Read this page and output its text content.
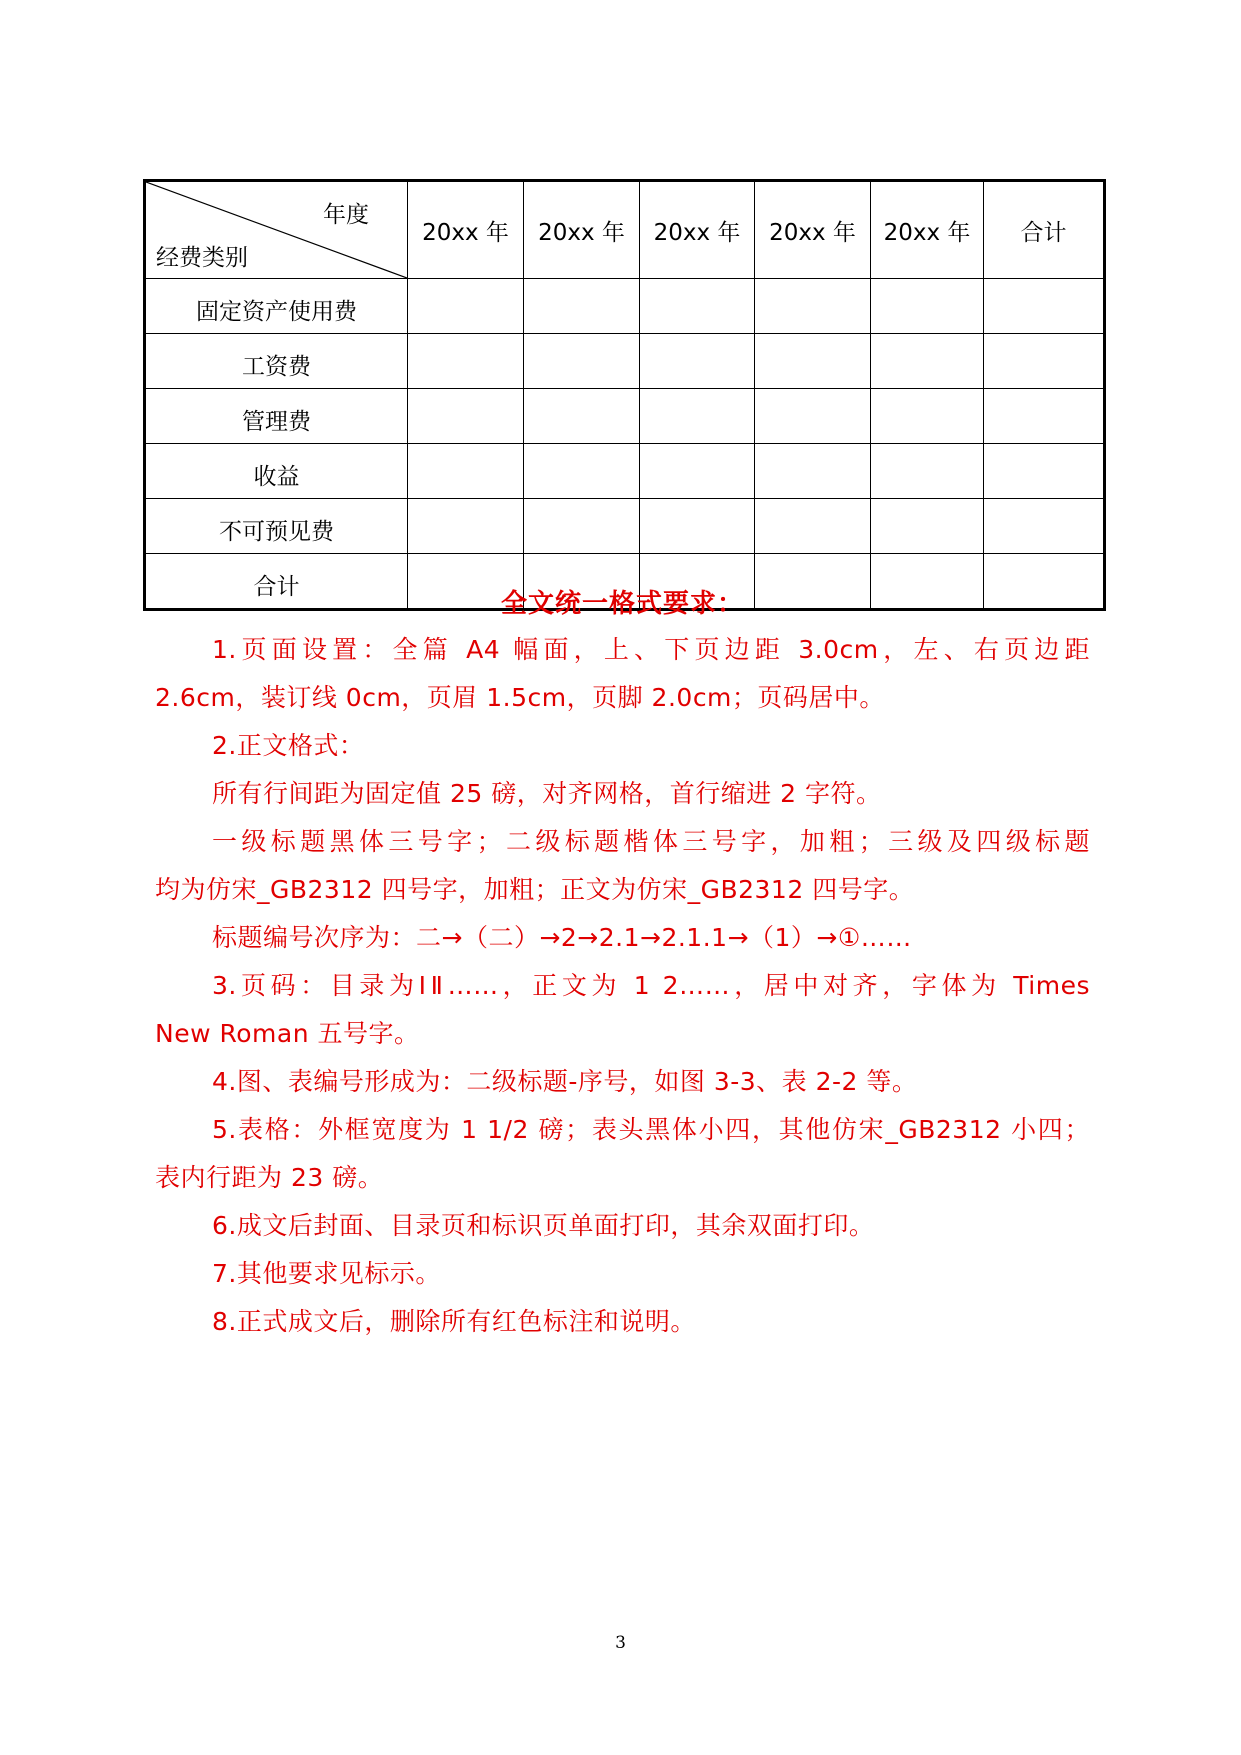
年度
经费类别	20xx 年	20xx 年	20xx 年	20xx 年	20xx 年	合计
固定资产使用费						
工资费						
管理费						
收益						
不可预见费						
合计						
全文统一格式要求：
1.页面设置：全篇 A4 幅面，上、下页边距 3.0cm，左、右页边距
2.6cm，装订线 0cm，页眉 1.5cm，页脚 2.0cm；页码居中。
2.正文格式：
所有行间距为固定值 25 磅，对齐网格，首行缩进 2 字符。
一级标题黑体三号字；二级标题楷体三号字，加粗；三级及四级标题
均为仿宋_GB2312 四号字，加粗；正文为仿宋_GB2312 四号字。
标题编号次序为：二→（二）→2→2.1→2.1.1→（1）→①……
3.页码：目录为ⅠⅡ……，正文为 1 2……，居中对齐，字体为 Times
New Roman 五号字。
4.图、表编号形成为：二级标题-序号，如图 3-3、表 2-2 等。
5.表格：外框宽度为 1 1/2 磅；表头黑体小四，其他仿宋_GB2312 小四；
表内行距为 23 磅。
6.成文后封面、目录页和标识页单面打印，其余双面打印。
7.其他要求见标示。
8.正式成文后，删除所有红色标注和说明。
3
